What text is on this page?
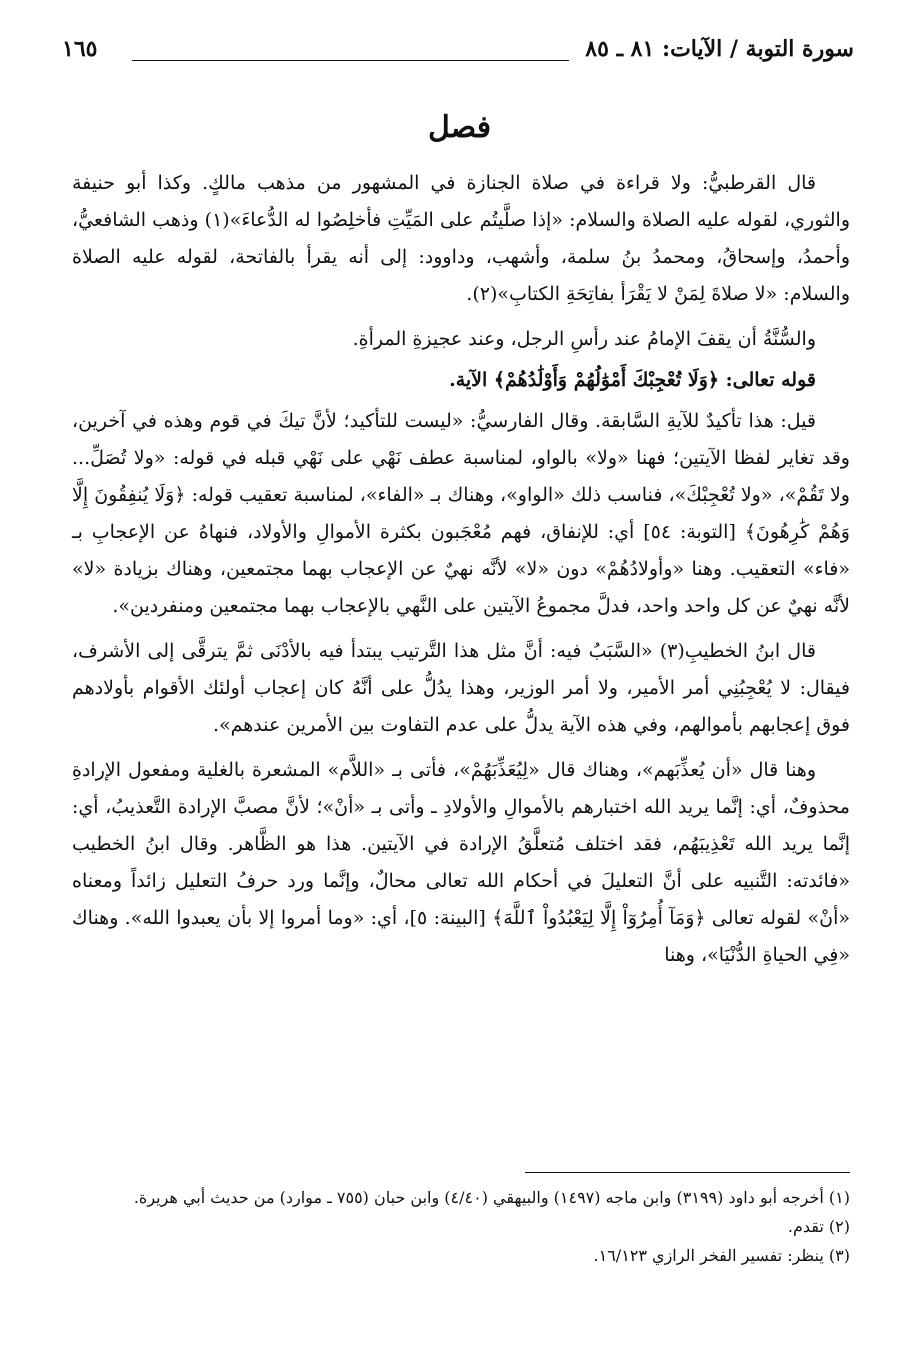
سورة التوبة / الآيات: ٨١ ـ ٨٥
١٦٥
فصل

قال القرطبيُّ: ولا قراءة في صلاة الجنازة في المشهور من مذهب مالكٍ. وكذا أبو حنيفة والثوري، لقوله عليه الصلاة والسلام: «إذا صلَّيتُم على المَيِّتِ فأخلِصُوا له الدُّعاءَ»(١) وذهب الشافعيُّ، وأحمدُ، وإسحاقُ، ومحمدُ بنُ سلمة، وأشهب، وداوود: إلى أنه يقرأ بالفاتحة، لقوله عليه الصلاة والسلام: «لا صلاةَ لِمَنْ لا يَقْرَأ بفاتِحَةِ الكتابِ»(٢).

والسُّنَّةُ أن يقفَ الإمامُ عند رأسِ الرجل، وعند عجيزةِ المرأةِ.

قوله تعالى: ﴿وَلَا تُعْجِبْكَ أَمْوَٰلُهُمْ وَأَوْلَٰدُهُمْ﴾ الآية.

قيل: هذا تأكيدٌ للآيةِ السَّابقة. وقال الفارسيُّ: «ليست للتأكيد؛ لأنَّ تيكَ في قوم وهذه في آخرين، وقد تغاير لفظا الآيتين؛ فهنا «ولا» بالواو، لمناسبة عطف نَهْي على نَهْي قبله في قوله: «ولا تُصَلِّ... ولا تَقُمْ»، «ولا تُعْجِبْكَ»، فناسب ذلك «الواو»، وهناك بـ «الفاء»، لمناسبة تعقيب قوله: ﴿وَلَا يُنفِقُونَ إِلَّا وَهُمْ كَٰرِهُونَ﴾ [التوبة: ٥٤] أي: للإنفاق، فهم مُعْجَبون بكثرة الأموالِ والأولاد، فنهاهُ عن الإعجابِ بـ «فاء» التعقيب. وهنا «وأولادُهُمْ» دون «لا» لأنَّه نهيٌ عن الإعجاب بهما مجتمعين، وهناك بزيادة «لا» لأنَّه نهيٌ عن كل واحد واحد، فدلَّ مجموعُ الآيتين على النَّهي بالإعجاب بهما مجتمعين ومنفردين».

قال ابنُ الخطيبِ(٣) «السَّبَبُ فيه: أنَّ مثل هذا التَّرتيب يبتدأ فيه بالأدْنَى ثمَّ يترقَّى إلى الأشرف، فيقال: لا يُعْجِبُنِي أمر الأمير، ولا أمر الوزير، وهذا يدُلُّ على أنَّهُ كان إعجاب أولئك الأقوام بأولادهم فوق إعجابهم بأموالهم، وفي هذه الآية يدلُّ على عدم التفاوت بين الأمرين عندهم».

وهنا قال «أن يُعذِّبَهم»، وهناك قال «لِيُعَذِّبَهُمْ»، فأتى بـ «اللاَّم» المشعرة بالغلية ومفعول الإرادةِ محذوفٌ، أي: إنَّما يريد الله اختبارهم بالأموالِ والأولادِ ـ وأتى بـ «أنْ»؛ لأنَّ مصبَّ الإرادة التَّعذيبُ، أي: إنَّما يريد الله تَعْذِيبَهُم، فقد اختلف مُتعلَّقُ الإرادة في الآيتين. هذا هو الظَّاهر. وقال ابنُ الخطيب «فائدته: التَّنبيه على أنَّ التعليلَ في أحكام الله تعالى محالٌ، وإنَّما ورد حرفُ التعليل زائداً ومعناه «أنْ» لقوله تعالى ﴿وَمَآ أُمِرُوٓاْ إِلَّا لِيَعْبُدُواْ ٱللَّهَ﴾ [البينة: ٥]، أي: «وما أمروا إلا بأن يعبدوا الله». وهناك «فِي الحياةِ الدُّنْيَا»، وهنا

(١) أخرجه أبو داود (٣١٩٩) وابن ماجه (١٤٩٧) والبيهقي (٤/٤٠) وابن حبان (٧٥٥ ـ موارد) من حديث أبي هريرة.
(٢) تقدم.
(٣) ينظر: تفسير الفخر الرازي ١٦/١٢٣.
